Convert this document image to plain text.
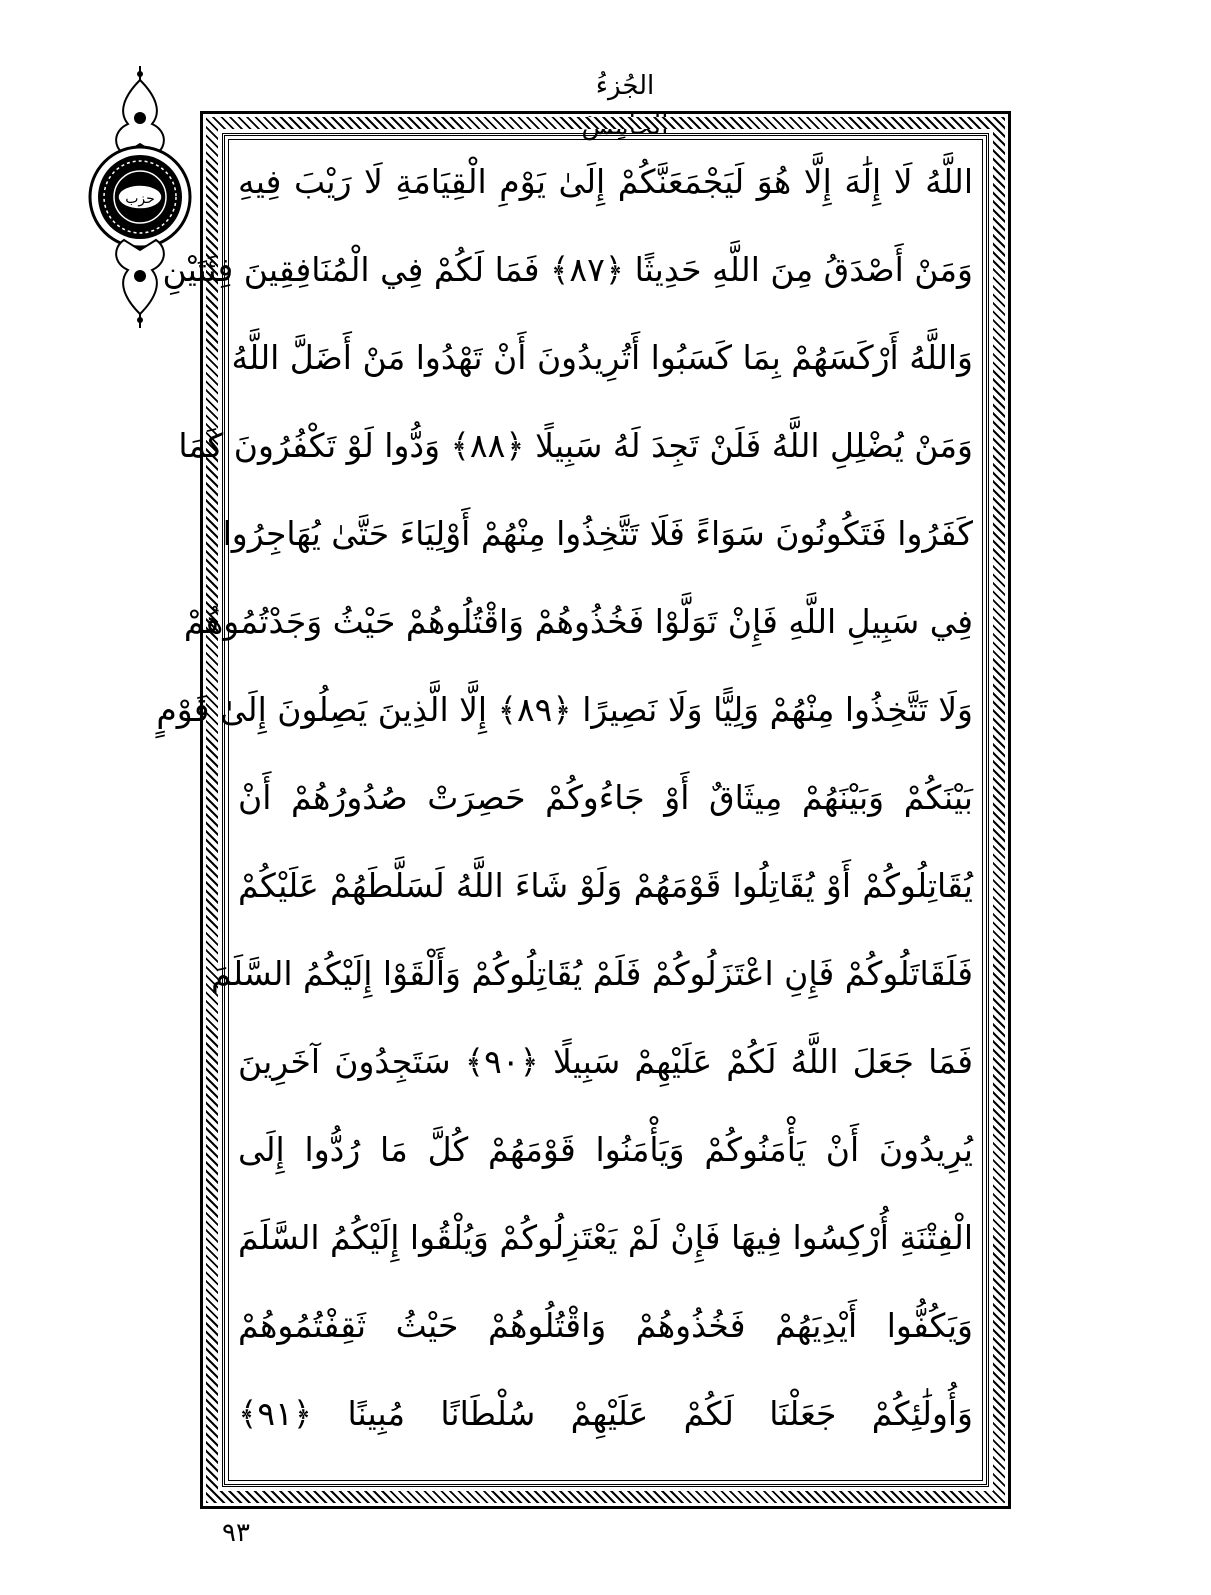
الجُزءُ الخامِسُ
حزب	اللَّهُ لَا إِلَٰهَ إِلَّا هُوَ لَيَجْمَعَنَّكُمْ إِلَىٰ يَوْمِ الْقِيَامَةِ لَا رَيْبَ فِيهِ
وَمَنْ أَصْدَقُ مِنَ اللَّهِ حَدِيثًا ﴿٨٧﴾ فَمَا لَكُمْ فِي الْمُنَافِقِينَ فِئَتَيْنِ
وَاللَّهُ أَرْكَسَهُمْ بِمَا كَسَبُوا أَتُرِيدُونَ أَنْ تَهْدُوا مَنْ أَضَلَّ اللَّهُ
وَمَنْ يُضْلِلِ اللَّهُ فَلَنْ تَجِدَ لَهُ سَبِيلًا ﴿٨٨﴾ وَدُّوا لَوْ تَكْفُرُونَ كَمَا
كَفَرُوا فَتَكُونُونَ سَوَاءً فَلَا تَتَّخِذُوا مِنْهُمْ أَوْلِيَاءَ حَتَّىٰ يُهَاجِرُوا
فِي سَبِيلِ اللَّهِ فَإِنْ تَوَلَّوْا فَخُذُوهُمْ وَاقْتُلُوهُمْ حَيْثُ وَجَدْتُمُوهُمْ
وَلَا تَتَّخِذُوا مِنْهُمْ وَلِيًّا وَلَا نَصِيرًا ﴿٨٩﴾ إِلَّا الَّذِينَ يَصِلُونَ إِلَىٰ قَوْمٍ
بَيْنَكُمْ وَبَيْنَهُمْ مِيثَاقٌ أَوْ جَاءُوكُمْ حَصِرَتْ صُدُورُهُمْ أَنْ
يُقَاتِلُوكُمْ أَوْ يُقَاتِلُوا قَوْمَهُمْ وَلَوْ شَاءَ اللَّهُ لَسَلَّطَهُمْ عَلَيْكُمْ
فَلَقَاتَلُوكُمْ فَإِنِ اعْتَزَلُوكُمْ فَلَمْ يُقَاتِلُوكُمْ وَأَلْقَوْا إِلَيْكُمُ السَّلَمَ
فَمَا جَعَلَ اللَّهُ لَكُمْ عَلَيْهِمْ سَبِيلًا ﴿٩٠﴾ سَتَجِدُونَ آخَرِينَ
يُرِيدُونَ أَنْ يَأْمَنُوكُمْ وَيَأْمَنُوا قَوْمَهُمْ كُلَّ مَا رُدُّوا إِلَى
الْفِتْنَةِ أُرْكِسُوا فِيهَا فَإِنْ لَمْ يَعْتَزِلُوكُمْ وَيُلْقُوا إِلَيْكُمُ السَّلَمَ
وَيَكُفُّوا أَيْدِيَهُمْ فَخُذُوهُمْ وَاقْتُلُوهُمْ حَيْثُ ثَقِفْتُمُوهُمْ
وَأُولَٰئِكُمْ جَعَلْنَا لَكُمْ عَلَيْهِمْ سُلْطَانًا مُبِينًا ﴿٩١﴾
٩٣
